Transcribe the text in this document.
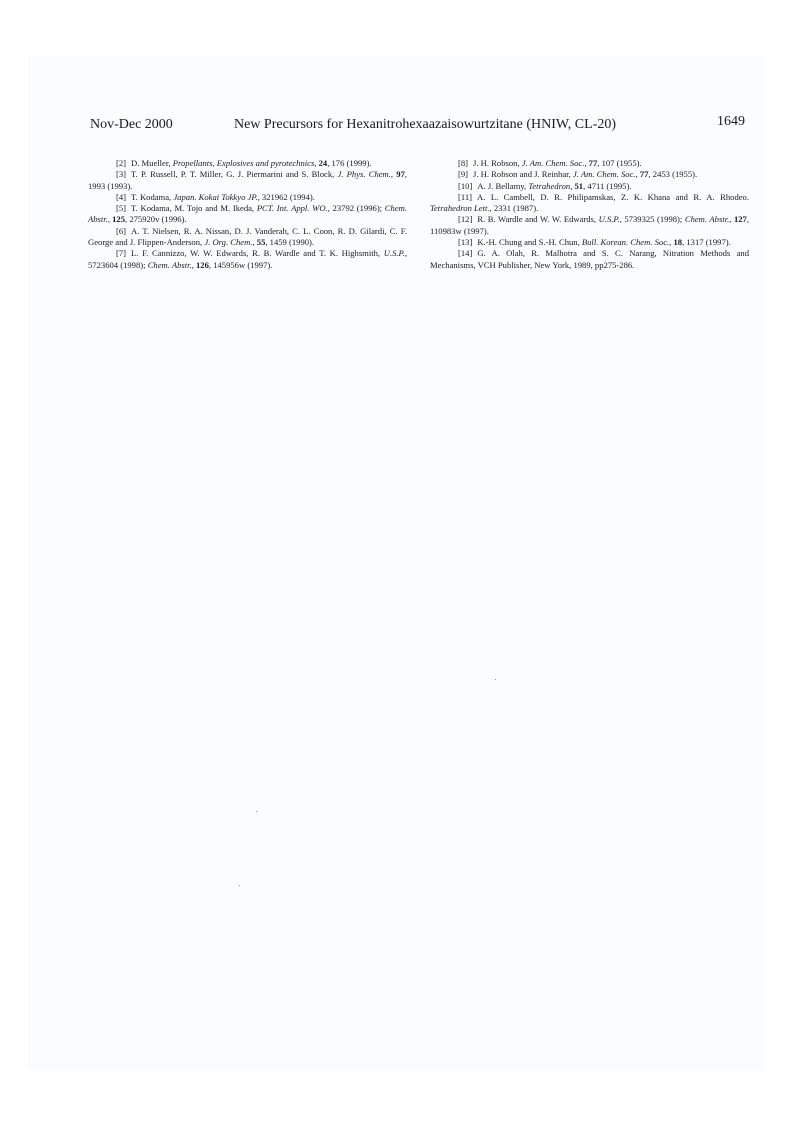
Nov-Dec 2000	New Precursors for Hexanitrohexaazaisowurtzitane (HNIW, CL-20)	1649

[2] D. Mueller, Propellants, Explosives and pyrotechnics, 24, 176 (1999).

[3] T. P. Russell, P. T. Miller, G. J. Piermarini and S. Block, J. Phys. Chem., 97, 1993 (1993).

[4] T. Kodama, Japan. Kokai Tokkyo JP., 321962 (1994).

[5] T. Kodama, M. Tojo and M. Ikeda, PCT. Int. Appl. WO., 23792 (1996); Chem. Abstr., 125, 275920v (1996).

[6] A. T. Nielsen, R. A. Nissan, D. J. Vanderah, C. L. Coon, R. D. Gilardi, C. F. George and J. Flippen-Anderson, J. Org. Chem., 55, 1459 (1990).

[7] L. F. Cannizzo, W. W. Edwards, R. B. Wardle and T. K. Highsmith, U.S.P., 5723604 (1998); Chem. Abstr., 126, 145956w (1997).

[8] J. H. Robson, J. Am. Chem. Soc., 77, 107 (1955).

[9] J. H. Robson and J. Reinhar, J. Am. Chem. Soc., 77, 2453 (1955).

[10] A. J. Bellamy, Tetrahedron, 51, 4711 (1995).

[11] A. L. Cambell, D. R. Philipamskas, Z. K. Khana and R. A. Rhodeo. Tetrahedron Lett., 2331 (1987).

[12] R. B. Wardle and W. W. Edwards, U.S.P., 5739325 (1998); Chem. Abstr., 127, 110983w (1997).

[13] K.-H. Chung and S.-H. Chun, Bull. Korean. Chem. Soc., 18, 1317 (1997).

[14] G. A. Olah, R. Malhotra and S. C. Narang, Nitration Methods and Mechanisms, VCH Publisher, New York, 1989, pp275-286.
